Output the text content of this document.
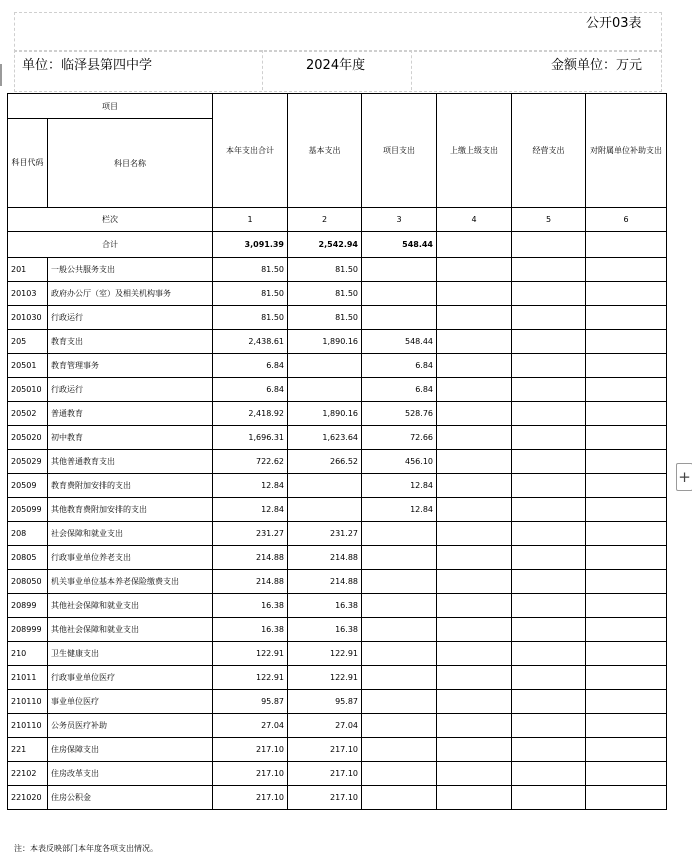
公开03表
单位：临泽县第四中学	2024年度	金额单位：万元
项目		本年支出合计	基本支出	项目支出	上缴上级支出	经营支出	对附属单位补助支出
科目代码	科目名称						
栏次		1	2	3	4	5	6
合计		3,091.39	2,542.94	548.44			
201	一般公共服务支出	81.50	81.50				
20103	政府办公厅（室）及相关机构事务	81.50	81.50				
201030	行政运行	81.50	81.50				
205	教育支出	2,438.61	1,890.16	548.44			
20501	教育管理事务	6.84		6.84			
205010	行政运行	6.84		6.84			
20502	普通教育	2,418.92	1,890.16	528.76			
205020	初中教育	1,696.31	1,623.64	72.66			
205029	其他普通教育支出	722.62	266.52	456.10			
20509	教育费附加安排的支出	12.84		12.84			
205099	其他教育费附加安排的支出	12.84		12.84			
208	社会保障和就业支出	231.27	231.27				
20805	行政事业单位养老支出	214.88	214.88				
208050	机关事业单位基本养老保险缴费支出	214.88	214.88				
20899	其他社会保障和就业支出	16.38	16.38				
208999	其他社会保障和就业支出	16.38	16.38				
210	卫生健康支出	122.91	122.91				
21011	行政事业单位医疗	122.91	122.91				
210110	事业单位医疗	95.87	95.87				
210110	公务员医疗补助	27.04	27.04				
221	住房保障支出	217.10	217.10				
22102	住房改革支出	217.10	217.10				
221020	住房公积金	217.10	217.10				
注：本表反映部门本年度各项支出情况。
+
